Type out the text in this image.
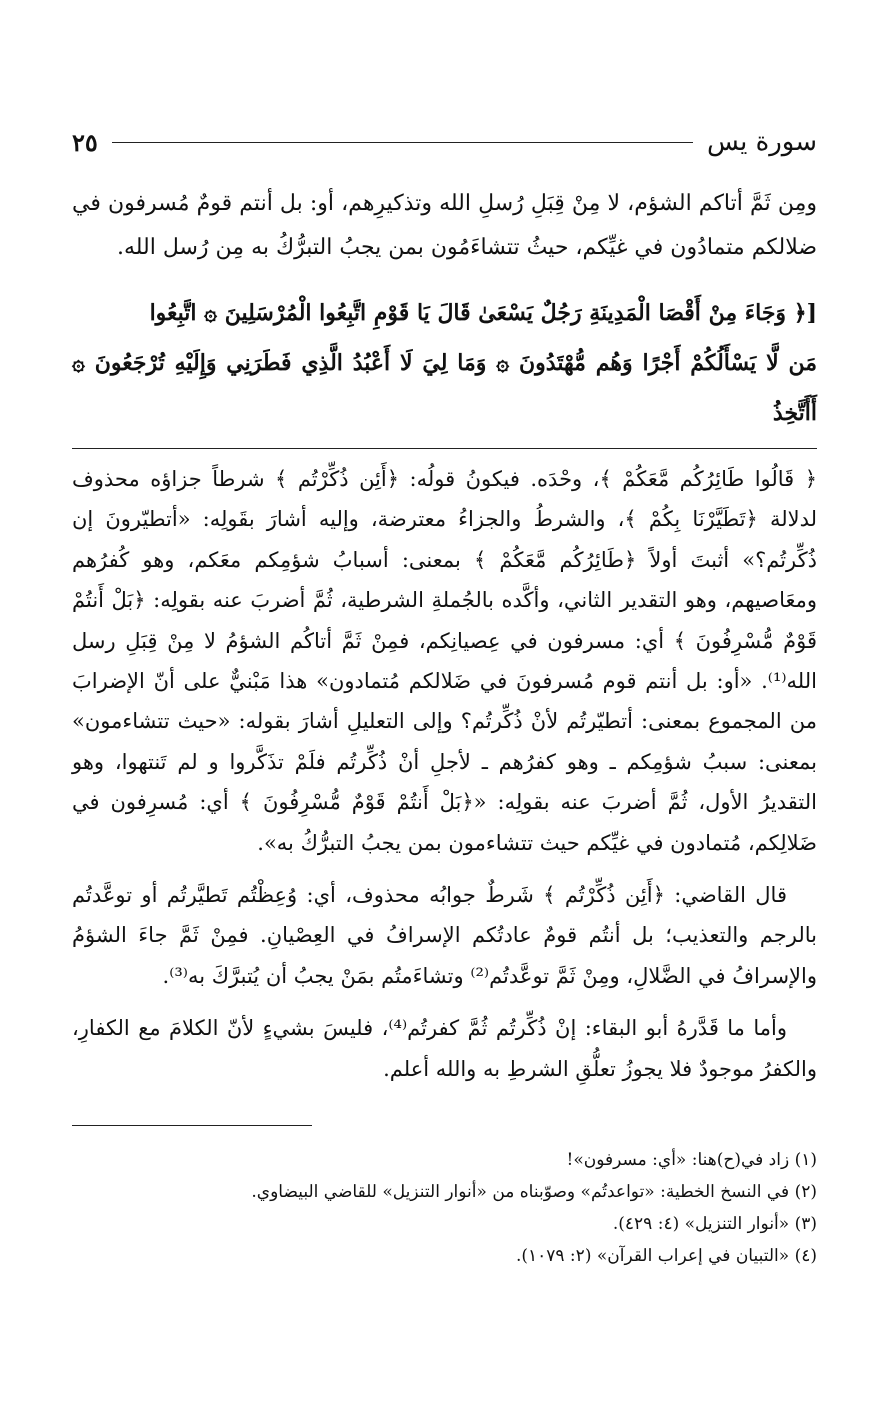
سورة يس
٢٥

ومِن ثَمَّ أتاكم الشؤم، لا مِنْ قِبَلِ رُسلِ الله وتذكيرِهم، أو: بل أنتم قومٌ مُسرفون في ضلالكم متمادُون في غيِّكم، حيثُ تتشاءَمُون بمن يجبُ التبرُّكُ به مِن رُسل الله.

[﴿ وَجَاءَ مِنْ أَقْصَا الْمَدِينَةِ رَجُلٌ يَسْعَىٰ قَالَ يَا قَوْمِ اتَّبِعُوا الْمُرْسَلِينَ ۞ اتَّبِعُوا

مَن لَّا يَسْأَلُكُمْ أَجْرًا وَهُم مُّهْتَدُونَ ۞ وَمَا لِيَ لَا أَعْبُدُ الَّذِي فَطَرَنِي وَإِلَيْهِ تُرْجَعُونَ ۞ أَأَتَّخِذُ

﴿ قَالُوا طَائِرُكُم مَّعَكُمْ ﴾، وحْدَه. فيكونُ قولُه: ﴿أَئِن ذُكِّرْتُم ﴾ شرطاً جزاؤه محذوف لدلالة ﴿تَطَيَّرْنَا بِكُمْ ﴾، والشرطُ والجزاءُ معترضة، وإليه أشارَ بقَولِه: «أتطيّرونَ إن ذُكِّرتُم؟» أثبتَ أولاً ﴿طَائِرُكُم مَّعَكُمْ ﴾ بمعنى: أسبابُ شؤمِكم معَكم، وهو كُفرُهم ومعَاصيهم، وهو التقدير الثاني، وأكَّده بالجُملةِ الشرطية، ثُمَّ أضربَ عنه بقولِه: ﴿بَلْ أَنتُمْ قَوْمٌ مُّسْرِفُونَ ﴾ أي: مسرفون في عِصيانِكم، فمِنْ ثَمَّ أتاكُم الشؤمُ لا مِنْ قِبَلِ رسل الله⁽¹⁾. «أو: بل أنتم قوم مُسرفونَ في ضَلالكم مُتمادون» هذا مَبْنيٌّ على أنّ الإضرابَ من المجموع بمعنى: أتطيّرتُم لأنْ ذُكِّرتُم؟ وإلى التعليلِ أشارَ بقوله: «حيث تتشاءمون» بمعنى: سببُ شؤمِكم ـ وهو كفرُهم ـ لأجلِ أنْ ذُكِّرتُم فلَمْ تذَكَّروا و لم تَنتهوا، وهو التقديرُ الأول، ثُمَّ أضربَ عنه بقولِه: «﴿بَلْ أَنتُمْ قَوْمٌ مُّسْرِفُونَ ﴾ أي: مُسرِفون في ضَلالِكم، مُتمادون في غيِّكم حيث تتشاءمون بمن يجبُ التبرُّكُ به».

قال القاضي: ﴿أَئِن ذُكِّرْتُم ﴾ شَرطٌ جوابُه محذوف، أي: وُعِظْتُم تَطيَّرتُم أو توعَّدتُم بالرجم والتعذيب؛ بل أنتُم قومٌ عادتُكم الإسرافُ في العِصْيانِ. فمِنْ ثَمَّ جاءَ الشؤمُ والإسرافُ في الضَّلالِ، ومِنْ ثَمَّ توعَّدتُم⁽²⁾ وتشاءَمتُم بمَنْ يجبُ أن يُتبرَّكَ به⁽³⁾.

وأما ما قَدَّرهُ أبو البقاء: إنْ ذُكِّرتُم ثُمَّ كفرتُم⁽⁴⁾، فليسَ بشيءٍ لأنّ الكلامَ مع الكفارِ، والكفرُ موجودٌ فلا يجوزُ تعلُّقِ الشرطِ به والله أعلم.

(١) زاد في(ح)هنا: «أي: مسرفون»!

(٢) في النسخ الخطية: «تواعدتُم» وصوّبناه من «أنوار التنزيل» للقاضي البيضاوي.

(٣) «أنوار التنزيل» (٤: ٤٢٩).

(٤) «التبيان في إعراب القرآن» (٢: ١٠٧٩).
